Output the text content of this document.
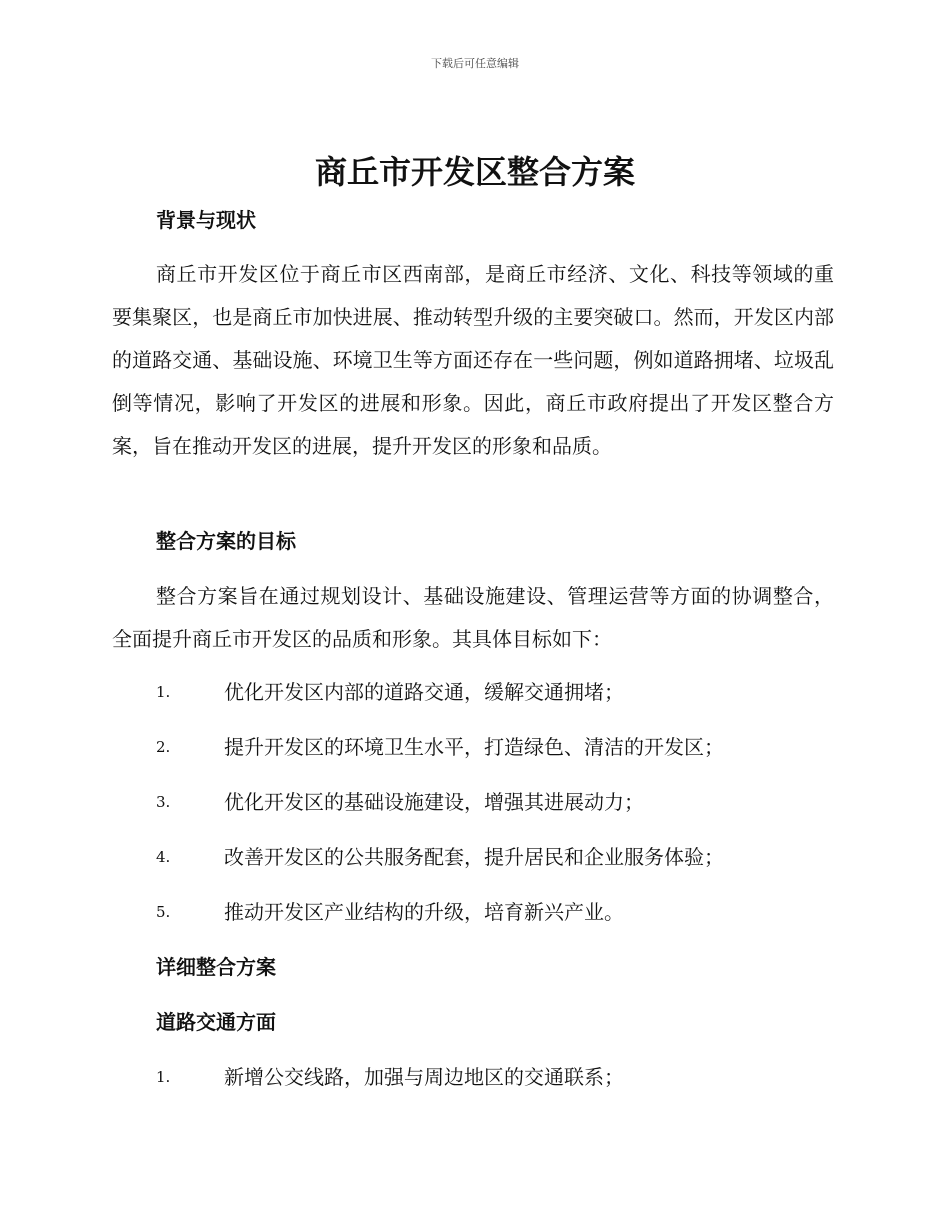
下载后可任意编辑
商丘市开发区整合方案
背景与现状

商丘市开发区位于商丘市区西南部，是商丘市经济、文化、科技等领域的重要集聚区，也是商丘市加快进展、推动转型升级的主要突破口。然而，开发区内部的道路交通、基础设施、环境卫生等方面还存在一些问题，例如道路拥堵、垃圾乱倒等情况，影响了开发区的进展和形象。因此，商丘市政府提出了开发区整合方案，旨在推动开发区的进展，提升开发区的形象和品质。

整合方案的目标

整合方案旨在通过规划设计、基础设施建设、管理运营等方面的协调整合，全面提升商丘市开发区的品质和形象。其具体目标如下：

1.	优化开发区内部的道路交通，缓解交通拥堵；
2.	提升开发区的环境卫生水平，打造绿色、清洁的开发区；
3.	优化开发区的基础设施建设，增强其进展动力；
4.	改善开发区的公共服务配套，提升居民和企业服务体验；
5.	推动开发区产业结构的升级，培育新兴产业。
详细整合方案
道路交通方面
1.	新增公交线路，加强与周边地区的交通联系；
